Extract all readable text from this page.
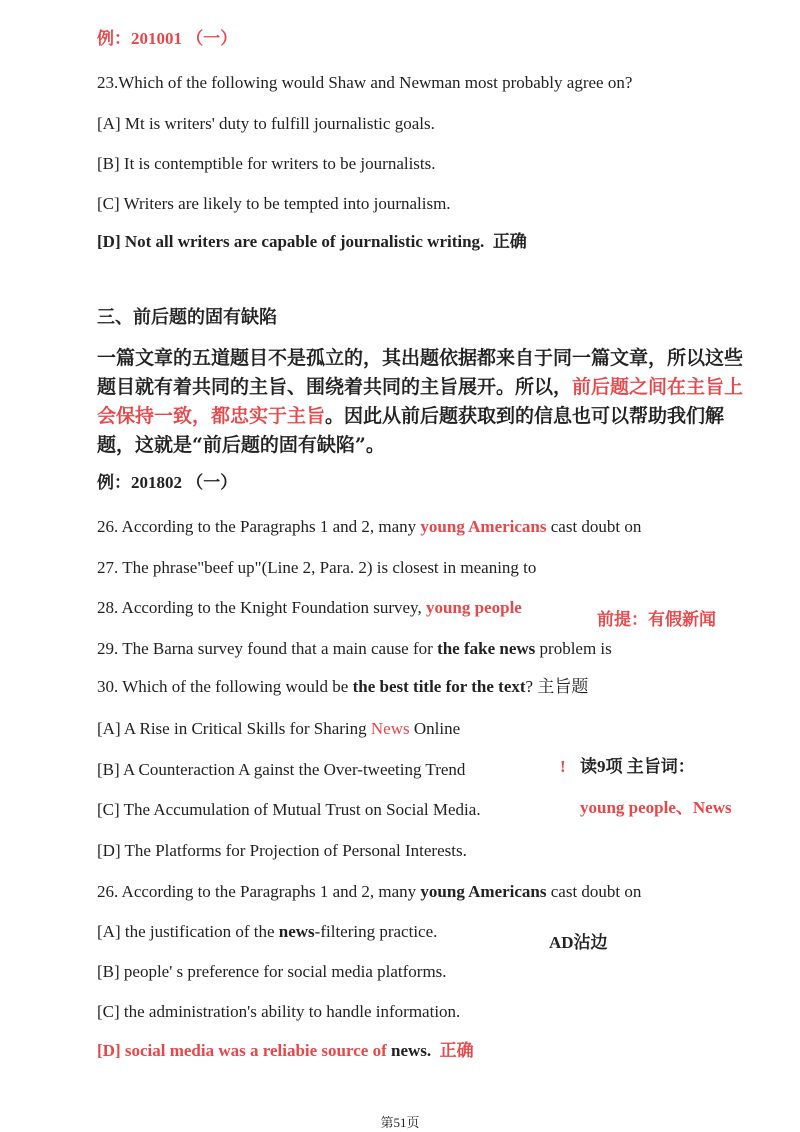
例：201001 （一）
23.Which of the following would Shaw and Newman most probably agree on?
[A] Mt is writers' duty to fulfill journalistic goals.
[B] It is contemptible for writers to be journalists.
[C] Writers are likely to be tempted into journalism.
[D] Not all writers are capable of journalistic writing. 正确
三、前后题的固有缺陷
一篇文章的五道题目不是孤立的，其出题依据都来自于同一篇文章，所以这些题目就有着共同的主旨、围绕着共同的主旨展开。所以，前后题之间在主旨上会保持一致，都忠实于主旨。因此从前后题获取到的信息也可以帮助我们解题，这就是“前后题的固有缺陷”。
例：201802 （一）
26. According to the Paragraphs 1 and 2, many young Americans cast doubt on
27. The phrase"beef up"(Line 2, Para. 2) is closest in meaning to
28. According to the Knight Foundation survey, young people
29. The Barna survey found that a main cause for the fake news problem is
30. Which of the following would be the best title for the text? 主旨题
[A] A Rise in Critical Skills for Sharing News Online
[B] A Counteraction A gainst the Over-tweeting Trend
[C] The Accumulation of Mutual Trust on Social Media.
[D] The Platforms for Projection of Personal Interests.
26. According to the Paragraphs 1 and 2, many young Americans cast doubt on
[A] the justification of the news-filtering practice.
[B] people' s preference for social media platforms.
[C] the administration's ability to handle information.
[D] social media was a reliabie source of news. 正确
前提：有假新闻
! 读9项 主旨词：
young people、News
AD沾边
第51页
